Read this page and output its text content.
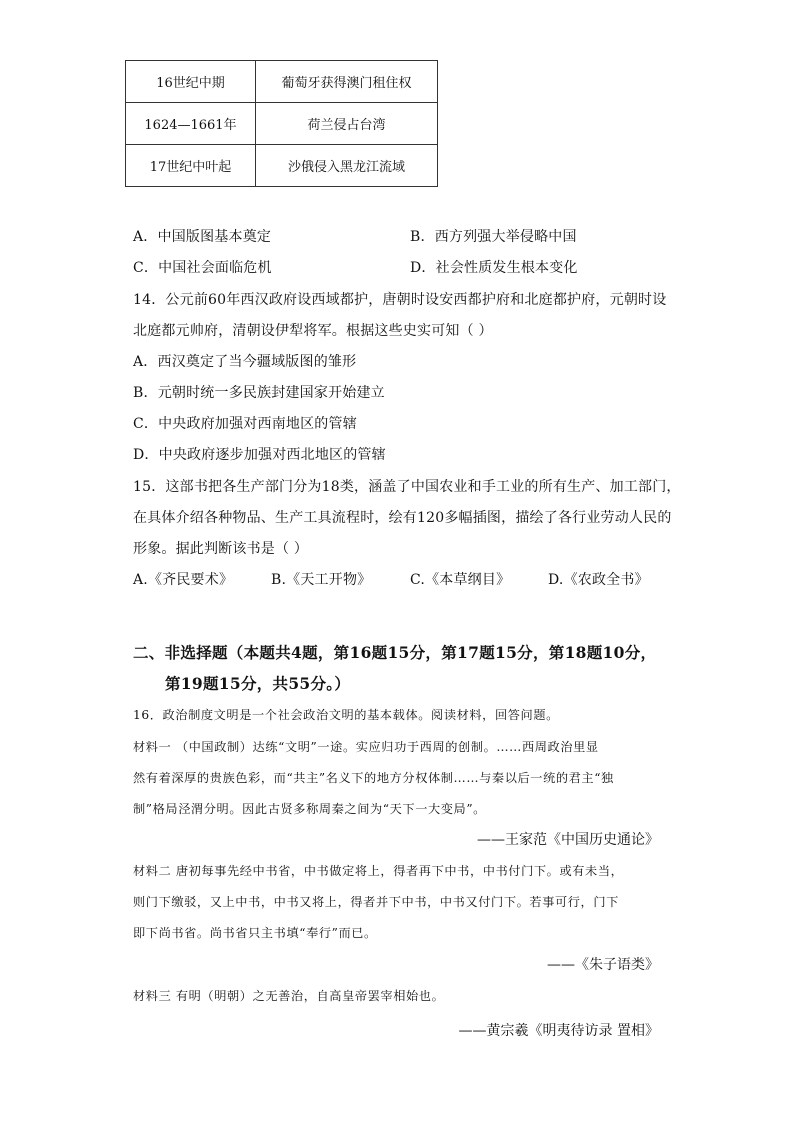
16世纪中期	葡萄牙获得澳门租住权
1624—1661年	荷兰侵占台湾
17世纪中叶起	沙俄侵入黑龙江流域
A．中国版图基本奠定	B．西方列强大举侵略中国
C．中国社会面临危机	D．社会性质发生根本变化
14．公元前60年西汉政府设西域都护，唐朝时设安西都护府和北庭都护府，元朝时设
北庭都元帅府，清朝设伊犁将军。根据这些史实可知（ ）
A．西汉奠定了当今疆域版图的雏形
B．元朝时统一多民族封建国家开始建立
C．中央政府加强对西南地区的管辖
D．中央政府逐步加强对西北地区的管辖
15．这部书把各生产部门分为18类，涵盖了中国农业和手工业的所有生产、加工部门，
在具体介绍各种物品、生产工具流程时，绘有120多幅插图，描绘了各行业劳动人民的
形象。据此判断该书是（ ）
A.《齐民要术》	B.《天工开物》	C.《本草纲目》	D.《农政全书》
二、非选择题（本题共4题，第16题15分，第17题15分，第18题10分，
第19题15分，共55分。）
16．政治制度文明是一个社会政治文明的基本载体。阅读材料，回答问题。
材料一 （中国政制）达练“文明”一途。实应归功于西周的创制。……西周政治里显
然有着深厚的贵族色彩，而“共主”名义下的地方分权体制……与秦以后一统的君主“独
制”格局泾渭分明。因此古贤多称周秦之间为“天下一大变局”。
——王家范《中国历史通论》
材料二 唐初每事先经中书省，中书做定将上，得者再下中书，中书付门下。或有未当，
则门下缴驳，又上中书，中书又将上，得者并下中书，中书又付门下。若事可行，门下
即下尚书省。尚书省只主书填“奉行”而已。
——《朱子语类》
材料三 有明（明朝）之无善治，自高皇帝罢宰相始也。
——黄宗羲《明夷待访录 置相》
